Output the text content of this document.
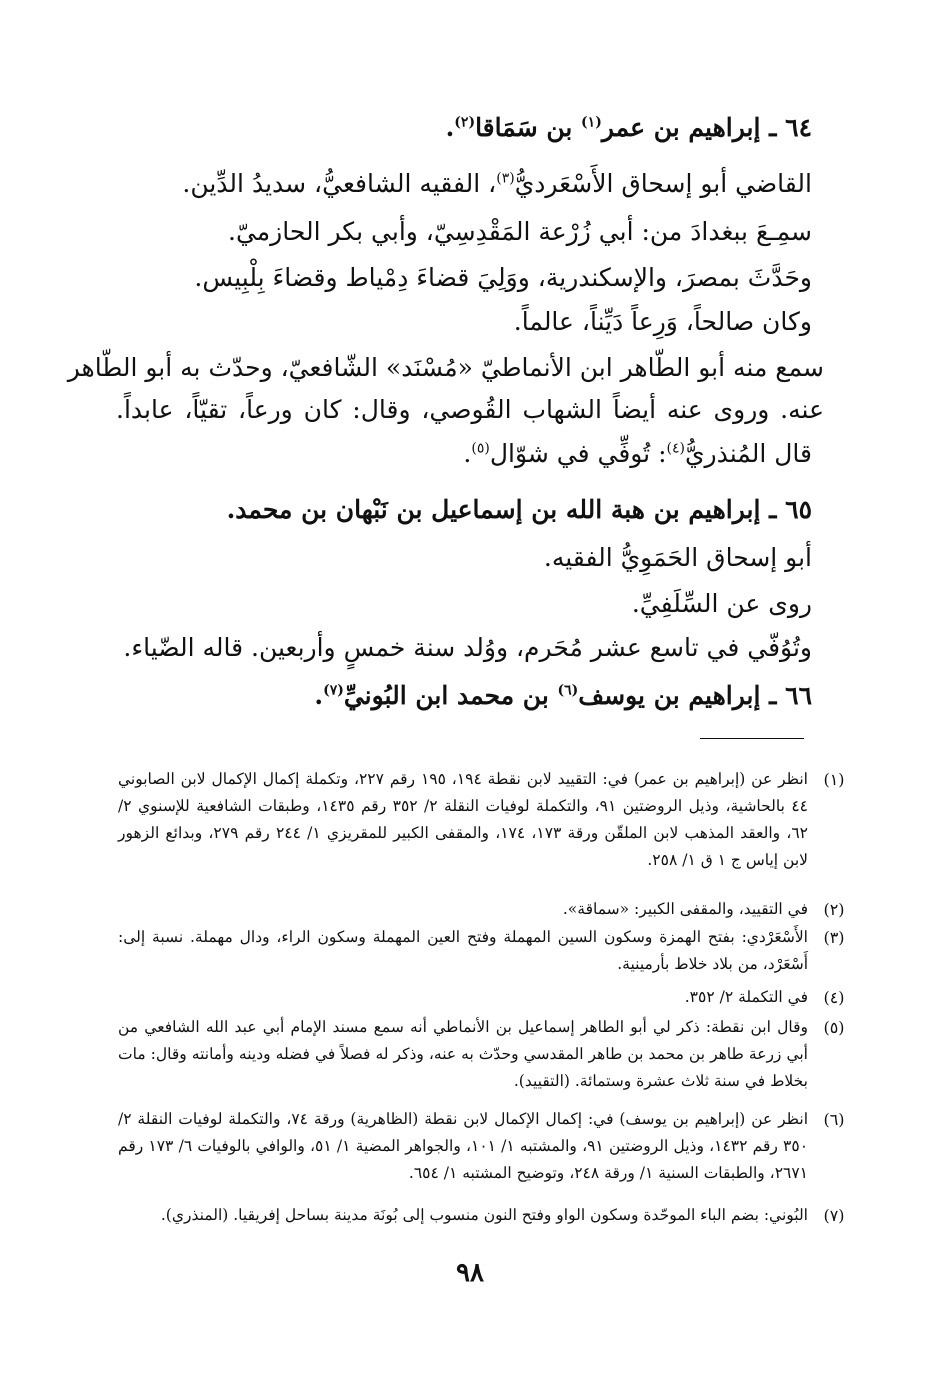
٦٤ ـ إبراهيم بن عمر$^{(١)}$ بن سَمَاقا$^{(٢)}$.
القاضي أبو إسحاق الأَسْعَرديُّ$^{(٣)}$، الفقيه الشافعيُّ، سديدُ الدِّين.
سمِـعَ ببغدادَ من: أبي زُرْعة المَقْدِسِيّ، وأبي بكر الحازميّ.
وحَدَّثَ بمصرَ، والإسكندرية، ووَلِيَ قضاءَ دِمْياط وقضاءَ بِلْبِيس.
وكان صالحاً، وَرِعاً دَيِّناً، عالماً.
سمع منه أبو الطّاهر ابن الأنماطيّ «مُسْنَد» الشّافعيّ، وحدّث به أبو الطّاهر
عنه. وروى عنه أيضاً الشهاب القُوصي، وقال: كان ورعاً، تقيّاً، عابداً.
قال المُنذريُّ$^{(٤)}$: تُوفِّي في شوّال$^{(٥)}$.
٦٥ ـ إبراهيم بن هبة الله بن إسماعيل بن نَبْهان بن محمد.
أبو إسحاق الحَمَوِيُّ الفقيه.
روى عن السِّلَفِيِّ.
وتُوُفّي في تاسع عشر مُحَرم، ووُلد سنة خمسٍ وأربعين. قاله الضّياء.
٦٦ ـ إبراهيم بن يوسف$^{(٦)}$ بن محمد ابن البُونيِّ$^{(٧)}$.
(١)
انظر عن (إبراهيم بن عمر) في: التقييد لابن نقطة ١٩٤، ١٩٥ رقم ٢٢٧، وتكملة إكمال الإكمال لابن الصابوني ٤٤ بالحاشية، وذيل الروضتين ٩١، والتكملة لوفيات النقلة ٢/ ٣٥٢ رقم ١٤٣٥، وطبقات الشافعية للإسنوي ٢/ ٦٢، والعقد المذهب لابن الملقّن ورقة ١٧٣، ١٧٤، والمقفى الكبير للمقريزي ١/ ٢٤٤ رقم ٢٧٩، وبدائع الزهور لابن إياس ج ١ ق ١/ ٢٥٨.
(٢)
في التقييد، والمقفى الكبير: «سماقة».
(٣)
الأَسْعَرْدي: بفتح الهمزة وسكون السين المهملة وفتح العين المهملة وسكون الراء، ودال مهملة. نسبة إلى: أَسْعَرْد، من بلاد خلاط بأرمينية.
(٤)
في التكملة ٢/ ٣٥٢.
(٥)
وقال ابن نقطة: ذكر لي أبو الطاهر إسماعيل بن الأنماطي أنه سمع مسند الإمام أبي عبد الله الشافعي من أبي زرعة طاهر بن محمد بن طاهر المقدسي وحدّث به عنه، وذكر له فصلاً في فضله ودينه وأمانته وقال: مات بخلاط في سنة ثلاث عشرة وستمائة. (التقييد).
(٦)
انظر عن (إبراهيم بن يوسف) في: إكمال الإكمال لابن نقطة (الظاهرية) ورقة ٧٤، والتكملة لوفيات النقلة ٢/ ٣٥٠ رقم ١٤٣٢، وذيل الروضتين ٩١، والمشتبه ١/ ١٠١، والجواهر المضية ١/ ٥١، والوافي بالوفيات ٦/ ١٧٣ رقم ٢٦٧١، والطبقات السنية ١/ ورقة ٢٤٨، وتوضيح المشتبه ١/ ٦٥٤.
(٧)
البُوني: بضم الباء الموحّدة وسكون الواو وفتح النون منسوب إلى بُونَة مدينة بساحل إفريقيا. (المنذري).
٩٨
